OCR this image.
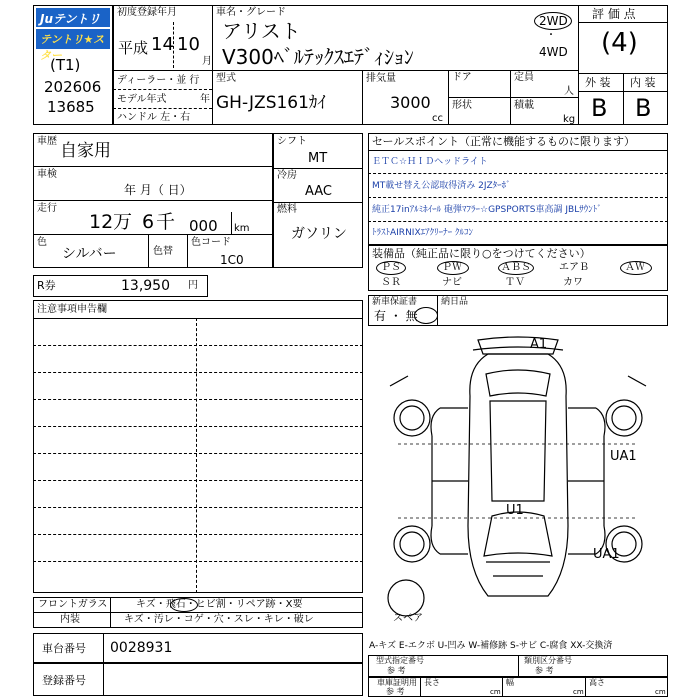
Juテントリ
テントリ★スター
(T1)
202606
13685
初度登録年月
平成 14 10
月
車名・グレード
アリスト
V300ﾍﾞﾙﾃｯｸｽｴﾃﾞｨｼｮﾝ
2WD
・
4WD
評 価 点
(4)
外 装 内 装
B B
ディーラー・並 行
モデル年式	年
ハンドル 左・右
型式
GH-JZS161ｶｲ
排気量
3000
cc
ドア	定員
人
形状	積載
kg
車歴 自家用
車検
年 月（ 日）
走行
12 万 6 千 000 km
色
シルバー	色替
色コード
1C0
シフト
MT
冷房
AAC
燃料
ガソリン
セールスポイント（正常に機能するものに限ります）
ＥＴＣ☆ＨＩＤヘッドライト
MT載せ替え公認取得済み 2JZﾀｰﾎﾞ
純正17inｱﾙﾐﾎｲｰﾙ 砲弾ﾏﾌﾗｰ☆GPSPORTS車高調 JBLｻｳﾝﾄﾞ
ﾄﾗｽﾄAIRNIXｴｱｸﾘｰﾅｰ ｸﾙｺﾝ
装備品（純正品に限り○をつけてください）
ＰＳ	ＰＷ	ＡＢＳ	エアＢ	ＡＷ
ＳＲ	ナビ	ＴＶ	カワ
R券	13,950 円
注意事項申告欄
新車保証書
有 ・ 無
納日品
A1
UA1
U1
UA1
スペア
フロントガラス	キズ・飛石・ヒビ割・リペア跡・X要
内装	キズ・汚レ・コゲ・穴・スレ・キレ・破レ
車台番号 0028931
登録番号
A-キズ E-エクボ U-凹み W-補修跡 S-サビ C-腐食 XX-交換済
型式指定番号
参 考
類別区分番号
参 考
車庫証明用
参 考
長さ
cm
幅
cm
高さ
cm
